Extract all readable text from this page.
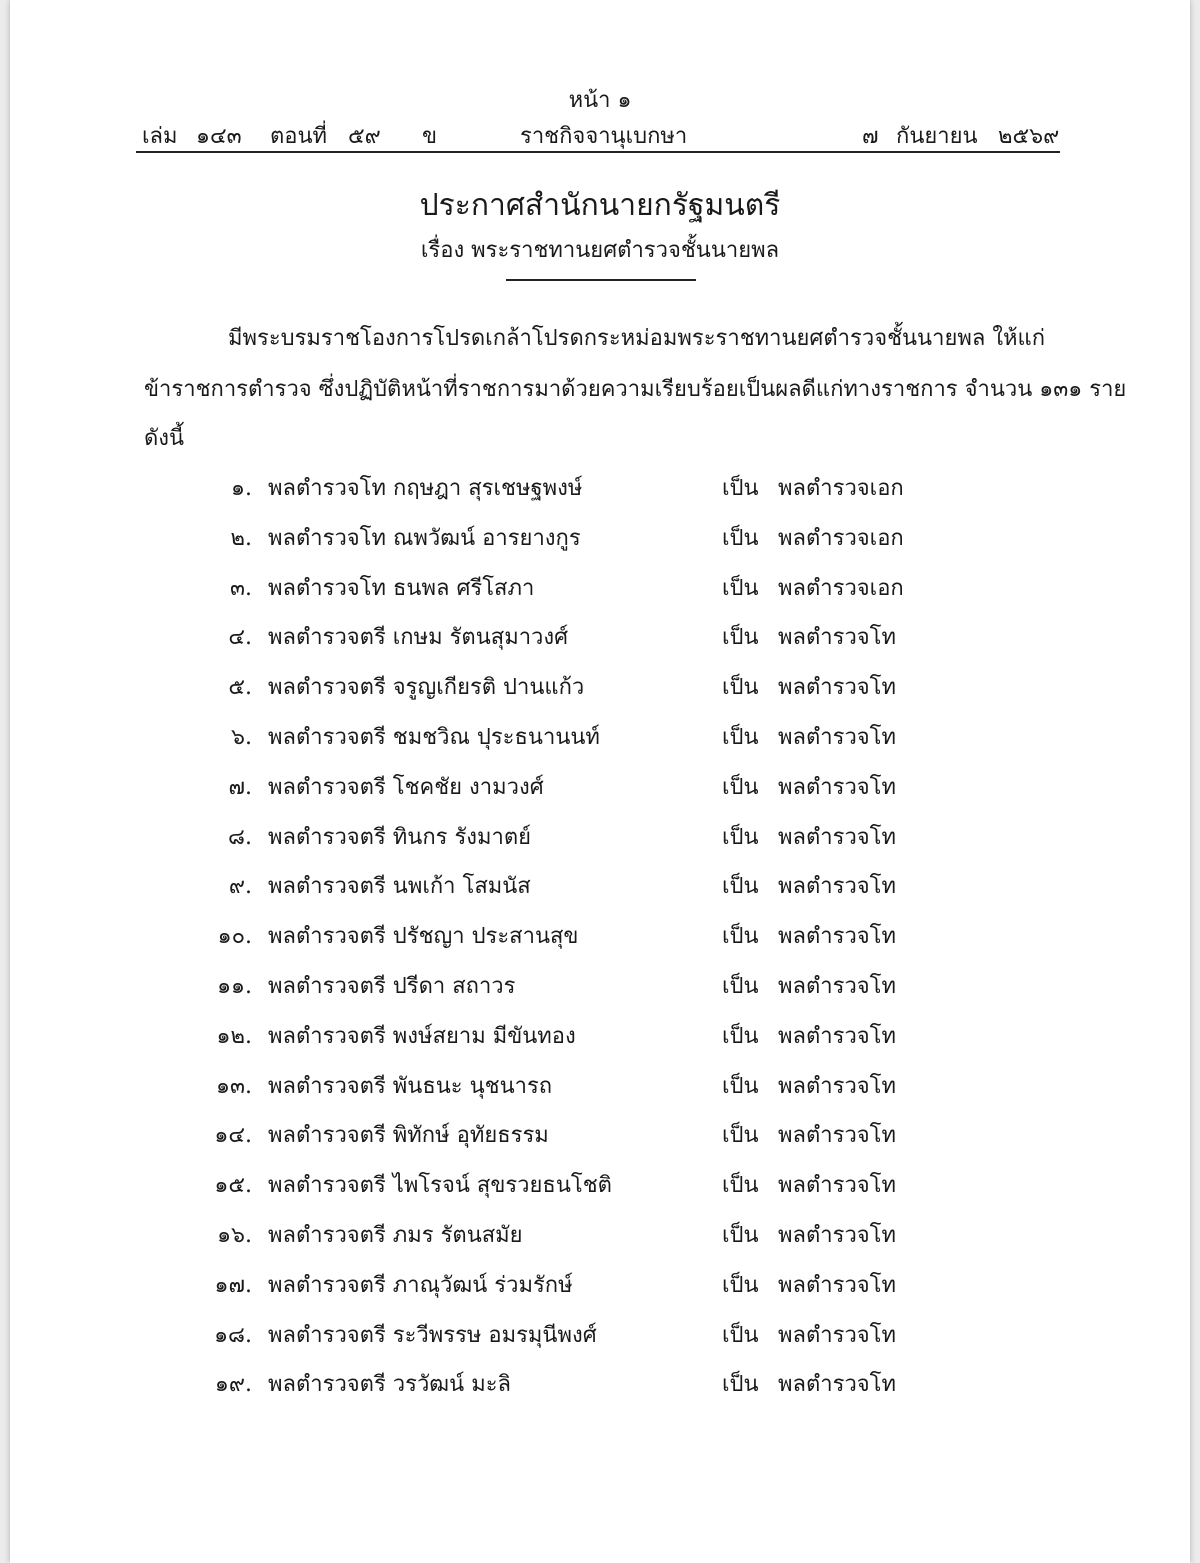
หน้า ๑
เล่ม ๑๔๓ ตอนที่ ๕๙ ข	ราชกิจจานุเบกษา	๗ กันยายน ๒๕๖๙
ประกาศสำนักนายกรัฐมนตรี
เรื่อง พระราชทานยศตำรวจชั้นนายพล
มีพระบรมราชโองการโปรดเกล้าโปรดกระหม่อมพระราชทานยศตำรวจชั้นนายพล ให้แก่
ข้าราชการตำรวจ ซึ่งปฏิบัติหน้าที่ราชการมาด้วยความเรียบร้อยเป็นผลดีแก่ทางราชการ จำนวน ๑๓๑ ราย
ดังนี้
๑. พลตำรวจโท กฤษฎา สุรเชษฐพงษ์	เป็น พลตำรวจเอก
๒. พลตำรวจโท ณพวัฒน์ อารยางกูร	เป็น พลตำรวจเอก
๓. พลตำรวจโท ธนพล ศรีโสภา	เป็น พลตำรวจเอก
๔. พลตำรวจตรี เกษม รัตนสุมาวงศ์	เป็น พลตำรวจโท
๕. พลตำรวจตรี จรูญเกียรติ ปานแก้ว	เป็น พลตำรวจโท
๖. พลตำรวจตรี ชมชวิณ ปุระธนานนท์	เป็น พลตำรวจโท
๗. พลตำรวจตรี โชคชัย งามวงศ์	เป็น พลตำรวจโท
๘. พลตำรวจตรี ทินกร รังมาตย์	เป็น พลตำรวจโท
๙. พลตำรวจตรี นพเก้า โสมนัส	เป็น พลตำรวจโท
๑๐. พลตำรวจตรี ปรัชญา ประสานสุข	เป็น พลตำรวจโท
๑๑. พลตำรวจตรี ปรีดา สถาวร	เป็น พลตำรวจโท
๑๒. พลตำรวจตรี พงษ์สยาม มีขันทอง	เป็น พลตำรวจโท
๑๓. พลตำรวจตรี พันธนะ นุชนารถ	เป็น พลตำรวจโท
๑๔. พลตำรวจตรี พิทักษ์ อุทัยธรรม	เป็น พลตำรวจโท
๑๕. พลตำรวจตรี ไพโรจน์ สุขรวยธนโชติ	เป็น พลตำรวจโท
๑๖. พลตำรวจตรี ภมร รัตนสมัย	เป็น พลตำรวจโท
๑๗. พลตำรวจตรี ภาณุวัฒน์ ร่วมรักษ์	เป็น พลตำรวจโท
๑๘. พลตำรวจตรี ระวีพรรษ อมรมุนีพงศ์	เป็น พลตำรวจโท
๑๙. พลตำรวจตรี วรวัฒน์ มะลิ	เป็น พลตำรวจโท
